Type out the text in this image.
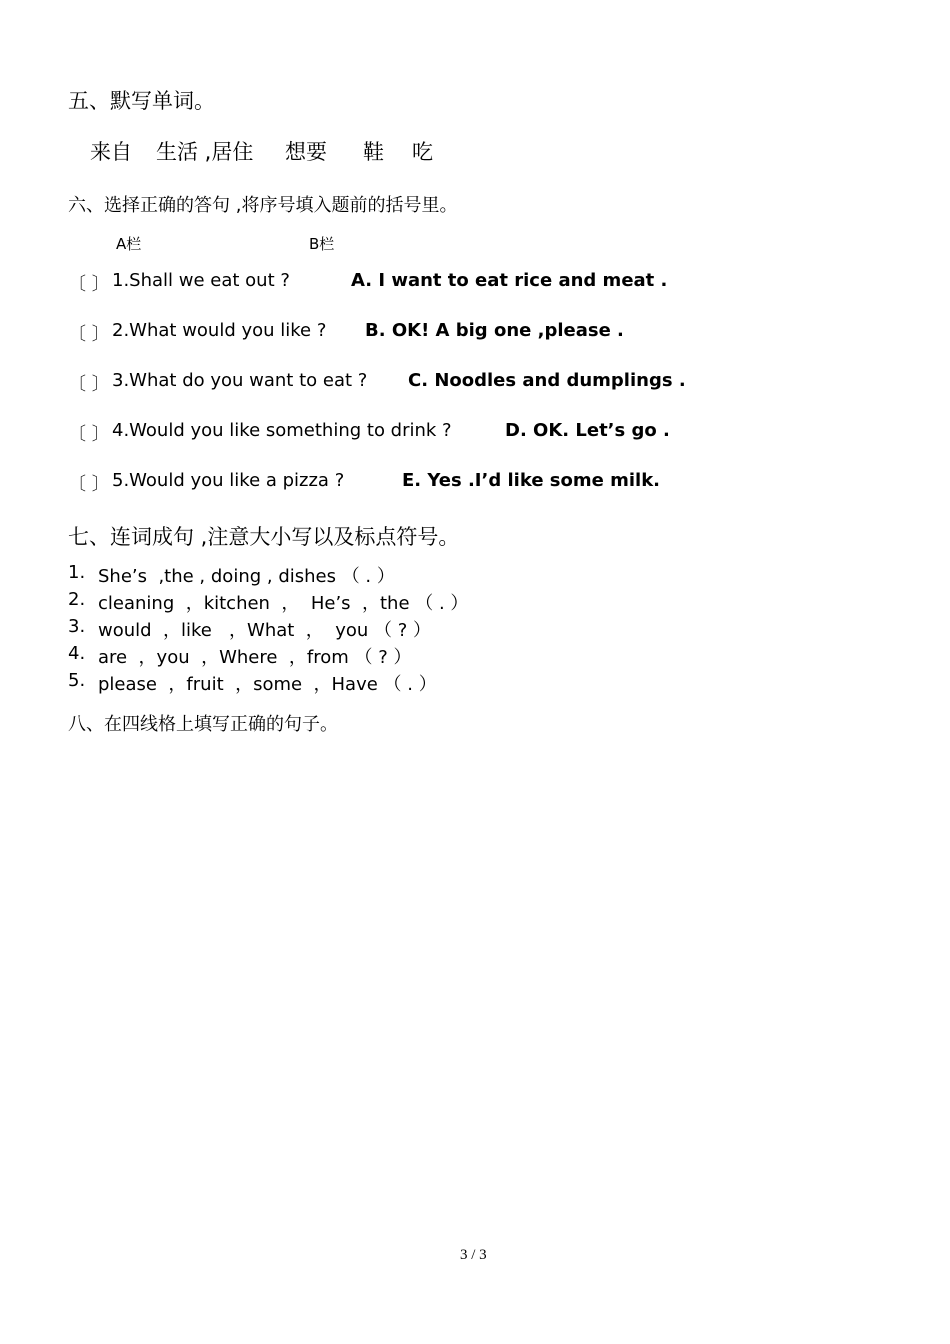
五、默写单词。
来自 生活 ,居住 想要 鞋 吃
六、选择正确的答句 ,将序号填入题前的括号里。
A栏	B栏
〔 〕 1.Shall we eat out ?	A. I want to eat rice and meat .
〔 〕 2.What would you like ? B. OK! A big one ,please .
〔 〕 3.What do you want to eat ? C. Noodles and dumplings .
〔 〕 4.Would you like something to drink ?	D. OK. Let’s go .
〔 〕 5.Would you like a pizza ?	E. Yes .I’d like some milk.
七、连词成句 ,注意大小写以及标点符号。
1. She’s  ,the , doing , dishes （ . ）
2. cleaning  ，kitchen  ，  He’s  ，the （ . ）
3. would  ，like   ，What  ，  you （ ? ）
4. are  ，you  ，Where  ，from （ ? ）
5. please  ，fruit  ，some  ，Have （ . ）
八、在四线格上填写正确的句子。
3 / 3
